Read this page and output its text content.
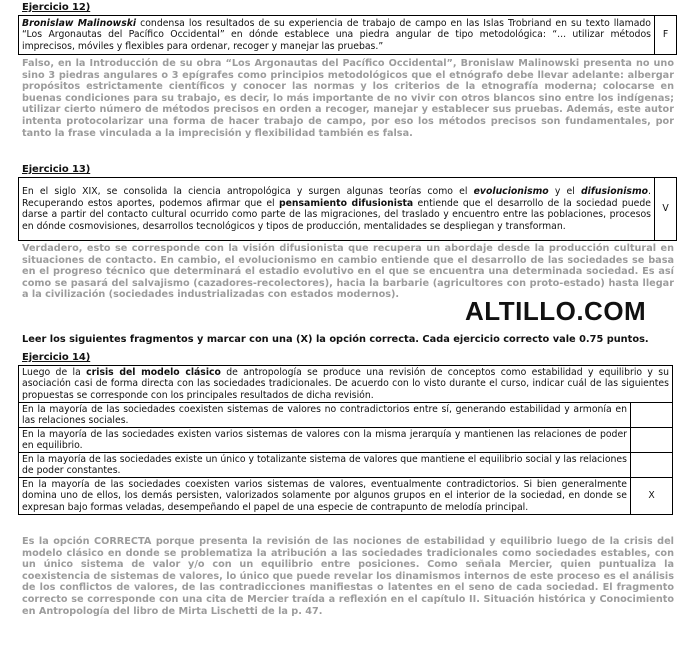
Ejercicio 12)
Bronislaw Malinowski condensa los resultados de su experiencia de trabajo de campo en las Islas Trobriand en su texto llamado “Los Argonautas del Pacífico Occidental” en dónde establece una piedra angular de tipo metodológica: “... utilizar métodos imprecisos, móviles y flexibles para ordenar, recoger y manejar las pruebas.”	F
Falso, en la Introducción de su obra “Los Argonautas del Pacífico Occidental”, Bronislaw Malinowski presenta no uno sino 3 piedras angulares o 3 epígrafes como principios metodológicos que el etnógrafo debe llevar adelante: albergar propósitos estrictamente científicos y conocer las normas y los criterios de la etnografía moderna; colocarse en buenas condiciones para su trabajo, es decir, lo más importante de no vivir con otros blancos sino entre los indígenas; utilizar cierto número de métodos precisos en orden a recoger, manejar y establecer sus pruebas. Además, este autor intenta protocolarizar una forma de hacer trabajo de campo, por eso los métodos precisos son fundamentales, por tanto la frase vinculada a la imprecisión y flexibilidad también es falsa.
Ejercicio 13)
En el siglo XIX, se consolida la ciencia antropológica y surgen algunas teorías como el evolucionismo y el difusionismo. Recuperando estos aportes, podemos afirmar que el pensamiento difusionista entiende que el desarrollo de la sociedad puede darse a partir del contacto cultural ocurrido como parte de las migraciones, del traslado y encuentro entre las poblaciones, procesos en dónde cosmovisiones, desarrollos tecnológicos y tipos de producción, mentalidades se despliegan y transforman.	V
Verdadero, esto se corresponde con la visión difusionista que recupera un abordaje desde la producción cultural en situaciones de contacto. En cambio, el evolucionismo en cambio entiende que el desarrollo de las sociedades se basa en el progreso técnico que determinará el estadio evolutivo en el que se encuentra una determinada sociedad. Es así como se pasará del salvajismo (cazadores-recolectores), hacia la barbarie (agricultores con proto-estado) hasta llegar a la civilización (sociedades industrializadas con estados modernos).
ALTILLO.COM
Leer los siguientes fragmentos y marcar con una (X) la opción correcta. Cada ejercicio correcto vale 0.75 puntos.
Ejercicio 14)
Luego de la crisis del modelo clásico de antropología se produce una revisión de conceptos como estabilidad y equilibrio y su asociación casi de forma directa con las sociedades tradicionales. De acuerdo con lo visto durante el curso, indicar cuál de las siguientes propuestas se corresponde con los principales resultados de dicha revisión.	
En la mayoría de las sociedades coexisten sistemas de valores no contradictorios entre sí, generando estabilidad y armonía en las relaciones sociales.	
En la mayoría de las sociedades existen varios sistemas de valores con la misma jerarquía y mantienen las relaciones de poder en equilibrio.	
En la mayoría de las sociedades existe un único y totalizante sistema de valores que mantiene el equilibrio social y las relaciones de poder constantes.	
En la mayoría de las sociedades coexisten varios sistemas de valores, eventualmente contradictorios. Si bien generalmente domina uno de ellos, los demás persisten, valorizados solamente por algunos grupos en el interior de la sociedad, en donde se expresan bajo formas veladas, desempeñando el papel de una especie de contrapunto de melodía principal.	X
Es la opción CORRECTA porque presenta la revisión de las nociones de estabilidad y equilibrio luego de la crisis del modelo clásico en donde se problematiza la atribución a las sociedades tradicionales como sociedades estables, con un único sistema de valor y/o con un equilibrio entre posiciones. Como señala Mercier, quien puntualiza la coexistencia de sistemas de valores, lo único que puede revelar los dinamismos internos de este proceso es el análisis de los conflictos de valores, de las contradicciones manifiestas o latentes en el seno de cada sociedad. El fragmento correcto se corresponde con una cita de Mercier traída a reflexión en el capítulo II. Situación histórica y Conocimiento en Antropología del libro de Mirta Lischetti de la p. 47.
